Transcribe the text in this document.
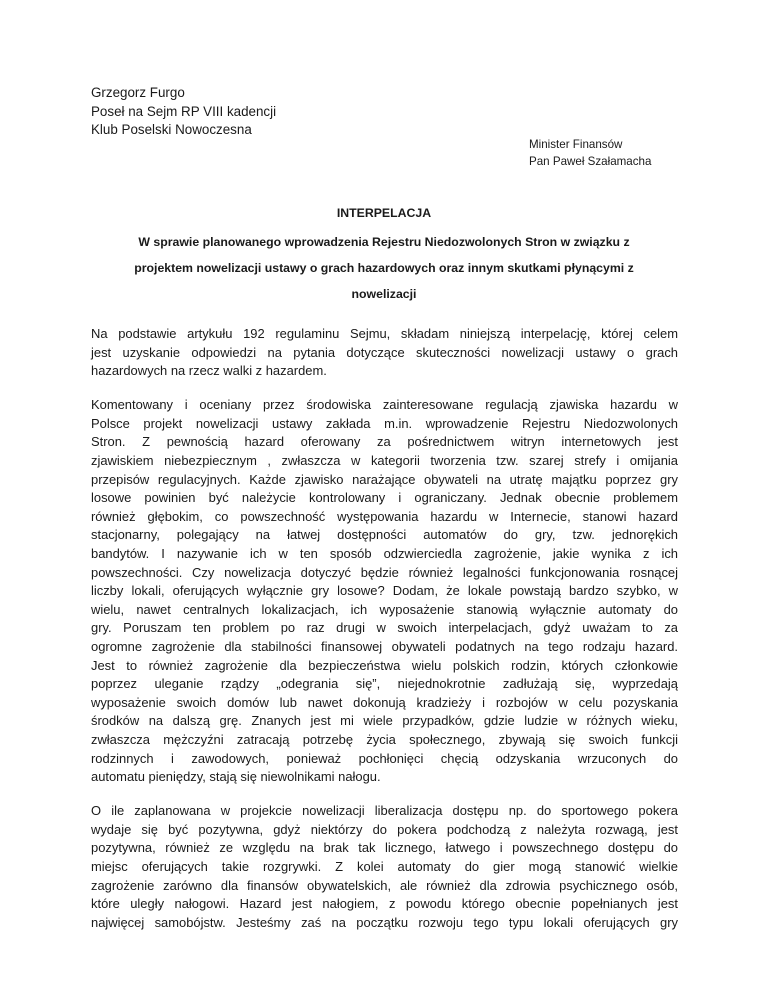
Grzegorz Furgo
Poseł na Sejm RP VIII kadencji
Klub Poselski Nowoczesna
Minister Finansów
Pan Paweł Szałamacha
INTERPELACJA
W sprawie planowanego wprowadzenia Rejestru Niedozwolonych Stron w związku z
projektem nowelizacji ustawy o grach hazardowych oraz innym skutkami płynącymi z
nowelizacji

Na podstawie artykułu 192 regulaminu Sejmu, składam niniejszą interpelację, której celem
jest uzyskanie odpowiedzi na pytania dotyczące skuteczności nowelizacji ustawy o grach
hazardowych na rzecz walki z hazardem.

Komentowany i oceniany przez środowiska zainteresowane regulacją zjawiska hazardu w
Polsce projekt nowelizacji ustawy zakłada m.in. wprowadzenie Rejestru Niedozwolonych
Stron. Z pewnością hazard oferowany za pośrednictwem witryn internetowych jest
zjawiskiem niebezpiecznym , zwłaszcza w kategorii tworzenia tzw. szarej strefy i omijania
przepisów regulacyjnych. Każde zjawisko narażające obywateli na utratę majątku poprzez gry
losowe powinien być należycie kontrolowany i ograniczany. Jednak obecnie problemem
również głębokim, co powszechność występowania hazardu w Internecie, stanowi hazard
stacjonarny, polegający na łatwej dostępności automatów do gry, tzw. jednorękich
bandytów. I nazywanie ich w ten sposób odzwierciedla zagrożenie, jakie wynika z ich
powszechności. Czy nowelizacja dotyczyć będzie również legalności funkcjonowania rosnącej
liczby lokali, oferujących wyłącznie gry losowe? Dodam, że lokale powstają bardzo szybko, w
wielu, nawet centralnych lokalizacjach, ich wyposażenie stanowią wyłącznie automaty do
gry. Poruszam ten problem po raz drugi w swoich interpelacjach, gdyż uważam to za
ogromne zagrożenie dla stabilności finansowej obywateli podatnych na tego rodzaju hazard.
Jest to również zagrożenie dla bezpieczeństwa wielu polskich rodzin, których członkowie
poprzez uleganie rządzy „odegrania się”, niejednokrotnie zadłużają się, wyprzedają
wyposażenie swoich domów lub nawet dokonują kradzieży i rozbojów w celu pozyskania
środków na dalszą grę. Znanych jest mi wiele przypadków, gdzie ludzie w różnych wieku,
zwłaszcza mężczyźni zatracają potrzebę życia społecznego, zbywają się swoich funkcji
rodzinnych i zawodowych, ponieważ pochłonięci chęcią odzyskania wrzuconych do
automatu pieniędzy, stają się niewolnikami nałogu.

O ile zaplanowana w projekcie nowelizacji liberalizacja dostępu np. do sportowego pokera
wydaje się być pozytywna, gdyż niektórzy do pokera podchodzą z należyta rozwagą, jest
pozytywna, również ze względu na brak tak licznego, łatwego i powszechnego dostępu do
miejsc oferujących takie rozgrywki. Z kolei automaty do gier mogą stanowić wielkie
zagrożenie zarówno dla finansów obywatelskich, ale również dla zdrowia psychicznego osób,
które uległy nałogowi. Hazard jest nałogiem, z powodu którego obecnie popełnianych jest
najwięcej samobójstw. Jesteśmy zaś na początku rozwoju tego typu lokali oferujących gry
